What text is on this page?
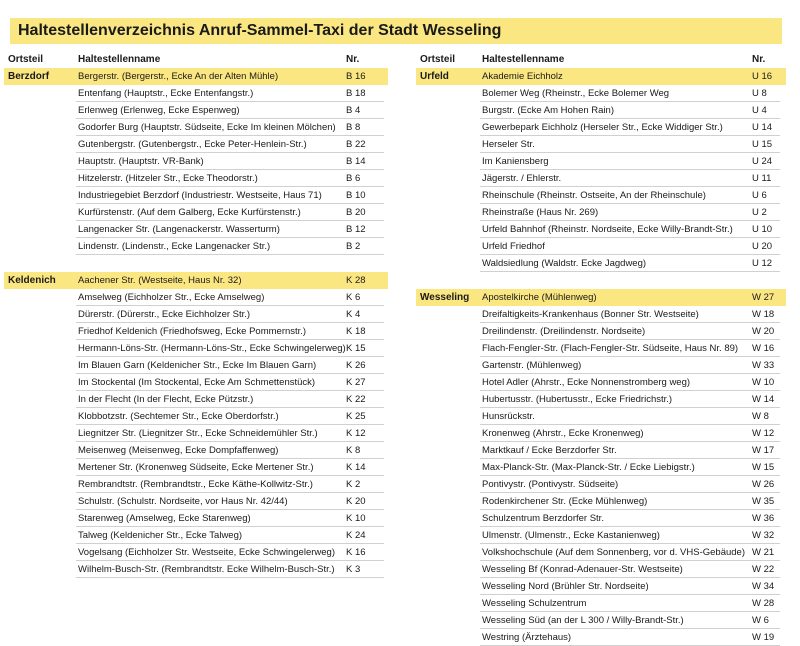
Haltestellenverzeichnis Anruf-Sammel-Taxi der Stadt Wesseling
Ortsteil	Haltestellenname	Nr.
Berzdorf	Bergerstr. (Bergerstr., Ecke An der Alten Mühle)	B 16
Entenfang (Hauptstr., Ecke Entenfangstr.)	B 18
Erlenweg (Erlenweg, Ecke Espenweg)	B 4
Godorfer Burg (Hauptstr. Südseite, Ecke Im kleinen Mölchen) B 8
Gutenbergstr. (Gutenbergstr., Ecke Peter-Henlein-Str.)	B 22
Hauptstr. (Hauptstr. VR-Bank)	B 14
Hitzelerstr. (Hitzeler Str., Ecke Theodorstr.)	B 6
Industriegebiet Berzdorf (Industriestr. Westseite, Haus 71)	B 10
Kurfürstenstr. (Auf dem Galberg, Ecke Kurfürstenstr.)	B 20
Langenacker Str. (Langenackerstr. Wasserturm)	B 12
Lindenstr. (Lindenstr., Ecke Langenacker Str.)	B 2
Keldenich Aachener Str. (Westseite, Haus Nr. 32)	K 28
Amselweg (Eichholzer Str., Ecke Amselweg)	K 6
Dürerstr. (Dürerstr., Ecke Eichholzer Str.)	K 4
Friedhof Keldenich (Friedhofsweg, Ecke Pommernstr.)	K 18
Hermann-Löns-Str. (Hermann-Löns-Str., Ecke Schwingelerweg) K 15
Im Blauen Garn (Keldenicher Str., Ecke Im Blauen Garn)	K 26
Im Stockental (Im Stockental, Ecke Am Schmettenstück)	K 27
In der Flecht (In der Flecht, Ecke Pützstr.)	K 22
Klobbotzstr. (Sechtemer Str., Ecke Oberdorfstr.)	K 25
Liegnitzer Str. (Liegnitzer Str., Ecke Schneidemühler Str.)	K 12
Meisenweg (Meisenweg, Ecke Dompfaffenweg)	K 8
Mertener Str. (Kronenweg Südseite, Ecke Mertener Str.)	K 14
Rembrandtstr. (Rembrandtstr., Ecke Käthe-Kollwitz-Str.)	K 2
Schulstr. (Schulstr. Nordseite, vor Haus Nr. 42/44)	K 20
Starenweg (Amselweg, Ecke Starenweg)	K 10
Talweg (Keldenicher Str., Ecke Talweg)	K 24
Vogelsang (Eichholzer Str. Westseite, Ecke Schwingelerweg) K 16
Wilhelm-Busch-Str. (Rembrandtstr. Ecke Wilhelm-Busch-Str.) K 3
Ortsteil	Haltestellenname	Nr.
Urfeld	Akademie Eichholz	U 16
Bolemer Weg (Rheinstr., Ecke Bolemer Weg	U 8
Burgstr. (Ecke Am Hohen Rain)	U 4
Gewerbepark Eichholz (Herseler Str., Ecke Widdiger Str.)	U 14
Herseler Str.	U 15
Im Kaniensberg	U 24
Jägerstr. / Ehlerstr.	U 11
Rheinschule (Rheinstr. Ostseite, An der Rheinschule)	U 6
Rheinstraße (Haus Nr. 269)	U 2
Urfeld Bahnhof (Rheinstr. Nordseite, Ecke Willy-Brandt-Str.) U 10
Urfeld Friedhof	U 20
Waldsiedlung (Waldstr. Ecke Jagdweg)	U 12
Wesseling Apostelkirche (Mühlenweg)	W 27
Dreifaltigkeits-Krankenhaus (Bonner Str. Westseite)	W 18
Dreilindenstr. (Dreilindenstr. Nordseite)	W 20
Flach-Fengler-Str. (Flach-Fengler-Str. Südseite, Haus Nr. 89) W 16
Gartenstr. (Mühlenweg)	W 33
Hotel Adler (Ahrstr., Ecke Nonnenstromberg weg)	W 10
Hubertusstr. (Hubertusstr., Ecke Friedrichstr.)	W 14
Hunsrückstr.	W 8
Kronenweg (Ahrstr., Ecke Kronenweg)	W 12
Marktkauf / Ecke Berzdorfer Str.	W 17
Max-Planck-Str. (Max-Planck-Str. / Ecke Liebigstr.)	W 15
Pontivystr. (Pontivystr. Südseite)	W 26
Rodenkirchener Str. (Ecke Mühlenweg)	W 35
Schulzentrum Berzdorfer Str.	W 36
Ulmenstr. (Ulmenstr., Ecke Kastanienweg)	W 32
Volkshochschule (Auf dem Sonnenberg, vor d. VHS-Gebäude) W 21
Wesseling Bf (Konrad-Adenauer-Str. Westseite)	W 22
Wesseling Nord (Brühler Str. Nordseite)	W 34
Wesseling Schulzentrum	W 28
Wesseling Süd (an der L 300 / Willy-Brandt-Str.)	W 6
Westring (Ärztehaus)	W 19
